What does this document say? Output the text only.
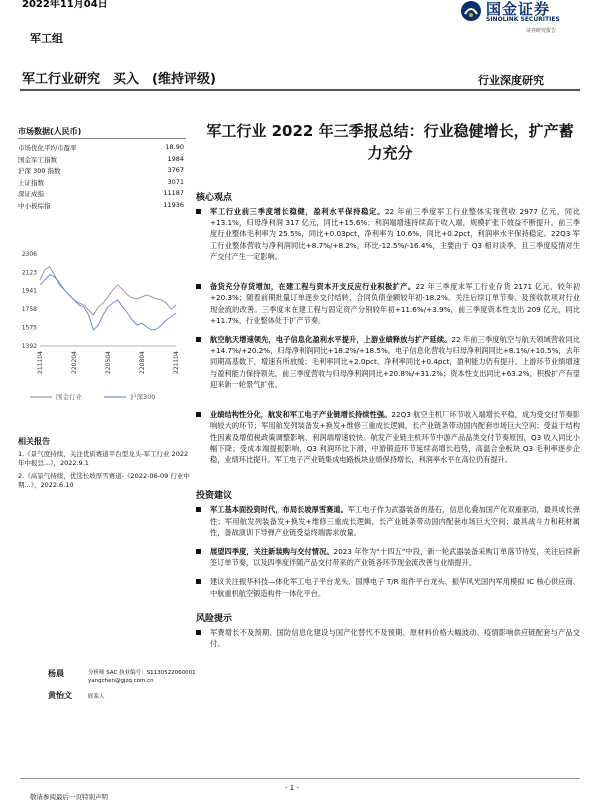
2022年11月04日	国金证券
SINOLINK SECURITIES
证券研究报告
军工组
军工行业研究　买入　(维持评级)	行业深度研究
市场数据(人民币)
市场优化平均市盈率	18.90
国金军工指数	1984
沪深 300 指数	3767
上证指数	3071
深证成指	11187
中小板综指	11936
2306
2123
1941
1758
1575
1392
211104	220204	220504	220804	221104
国金行业	沪深300
相关报告
1.《景气度持续，关注优质赛道平台型龙头-军工行业 2022 年中报总...》，2022.9.1
2.《高景气持续，优选长坡厚雪赛道-《2022-06-09 行业中期...》，2022.6.10
杨晨	分析师 SAC 执业编号：S1130522060001
yangchen@gjzq.com.cn
黄怡文	联系人
军工行业 2022 年三季报总结：行业稳健增长，扩产蓄力充分
核心观点
军工行业前三季度增长稳健，盈利水平保持稳定。22 年前三季度军工行业整体实现营收 2977 亿元，同比+13.1%，归母净利润 317 亿元，同比+15.6%；利润端增速持续高于收入端，规模扩张下效益不断提升。前三季度行业整体毛利率为 25.5%，同比+0.03pct，净利率为 10.6%，同比+0.2pct，利润率水平保持稳定。22Q3 军工行业整体营收与净利润同比+8.7%/+8.2%，环比-12.5%/-16.4%，主要由于 Q3 相对淡季，且三季度疫情对生产交付产生一定影响。
备货充分存货增加，在建工程与资本开支反应行业积极扩产。22 年三季度末军工行业存货 2171 亿元，较年初+20.3%；随着前期批量订单逐步交付结转，合同负债金额较年初-18.2%。关注后续订单节奏、及预收款项对行业现金流的改善。三季度末在建工程与固定资产分别较年初+11.6%/+3.9%，前三季度资本性支出 209 亿元，同比+11.7%，行业整体处于扩产节奏。
航空航天增速领先，电子信息化盈利水平提升，上游业绩释放与扩产延续。22 年前三季度航空与航天领域营收同比+14.7%/+20.2%，归母净利润同比+18.2%/+18.5%。电子信息化营收与归母净利润同比+8.1%/+10.5%，去年同期高基数下，增速有所放缓；毛利率同比+2.0pct、净利率同比+0.4pct，盈利能力仍有提升。上游环节业绩增速与盈利能力保持领先，前三季度营收与归母净利润同比+20.8%/+31.2%；资本性支出同比+63.2%，积极扩产有望迎来新一轮景气扩张。
业绩结构性分化，航发和军工电子产业链增长持续性强。22Q3 航空主机厂环节收入端增长平稳，成为受交付节奏影响较大的环节；军用航发列装备发+换发+维修三重成长逻辑，长产业链条带动国内配套市场巨大空间；受益于结构性因素及增值税政策调整影响，利润端增速较快。航发产业链主机环节中游产品品类交付节奏原因，Q3 收入同比小幅下降；受成本端提振影响，Q3 利润环比下滑，中游锻造环节延续高增长趋势，高温合金板块 Q3 毛利率逐步企稳，业绩环比提升。军工电子产业链集成电路板块业绩保持增长，利润率水平在高位仍有提升。
投资建议
军工基本面投资时代，布局长坡厚雪赛道。军工电子作为武器装备的基石，信息化叠加国产化双重驱动，最具成长弹性；军用航发列装备发+换发+维修三重成长逻辑，长产业链条带动国内配套市场巨大空间；最具战斗力和耗材属性，备战演训下导弹产业链受益终端需求放量。
展望四季度，关注新装购与交付情况。2023 年作为“十四五”中段，新一轮武器装备采购订单落节待发，关注后续新签订单节奏，以及四季度伴随产品交付带来的产业链各环节现金流改善与业绩提升。
建议关注振华科技—体化军工电子平台龙头、国博电子 T/R 组件平台龙头、振华风光国内军用模拟 IC 核心供应商、中航重机航空锻造构件一体化平台。
风险提示
军费增长不及预期、国防信息化建设与国产化替代不及预期、原材料价格大幅波动、疫情影响供应链配套与产品交付。
- 1 -
敬请参阅最后一页特别声明
